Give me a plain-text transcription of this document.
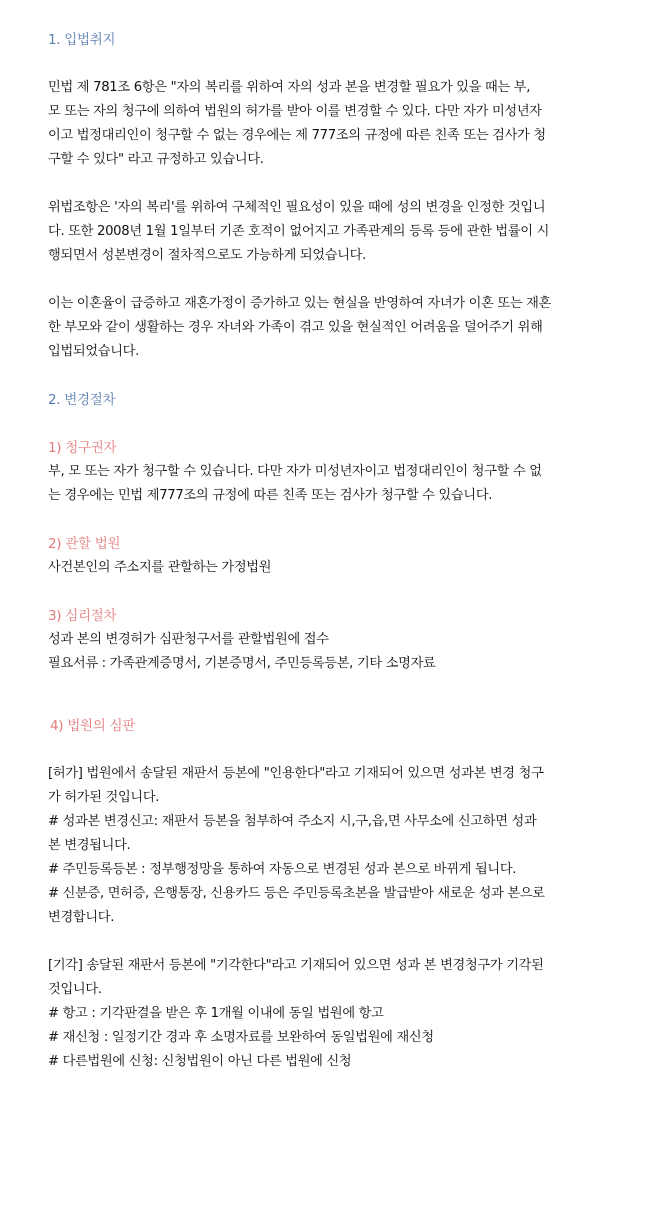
1. 입법취지
민법 제 781조 6항은 "자의 복리를 위하여 자의 성과 본을 변경할 필요가 있을 때는 부,
모 또는 자의 청구에 의하여 법원의 허가를 받아 이를 변경할 수 있다. 다만 자가 미성년자
이고 법정대리인이 청구할 수 없는 경우에는 제 777조의 규정에 따른 친족 또는 검사가 청
구할 수 있다" 라고 규정하고 있습니다.
위법조항은 '자의 복리'를 위하여 구체적인 필요성이 있을 때에 성의 변경을 인정한 것입니
다. 또한 2008년 1월 1일부터 기존 호적이 없어지고 가족관계의 등록 등에 관한 법률이 시
행되면서 성본변경이 절차적으로도 가능하게 되었습니다.
이는 이혼율이 급증하고 재혼가정이 증가하고 있는 현실을 반영하여 자녀가 이혼 또는 재혼
한 부모와 같이 생활하는 경우 자녀와 가족이 겪고 있을 현실적인 어려움을 덜어주기 위해
입법되었습니다.
2. 변경절차
1) 청구권자
부, 모 또는 자가 청구할 수 있습니다. 다만 자가 미성년자이고 법정대리인이 청구할 수 없
는 경우에는 민법 제777조의 규정에 따른 친족 또는 검사가 청구할 수 있습니다.
2) 관할 법원
사건본인의 주소지를 관할하는 가정법원
3) 심리절차
성과 본의 변경허가 심판청구서를 관할법원에 접수
필요서류 : 가족관계증명서, 기본증명서, 주민등록등본, 기타 소명자료
4) 법원의 심판
[허가] 법원에서 송달된 재판서 등본에 "인용한다"라고 기재되어 있으면 성과본 변경 청구
가 허가된 것입니다.
# 성과본 변경신고: 재판서 등본을 첨부하여 주소지 시,구,읍,면 사무소에 신고하면 성과
본 변경됩니다.
# 주민등록등본 : 정부행정망을 통하여 자동으로 변경된 성과 본으로 바뀌게 됩니다.
# 신분증, 면허증, 은행통장, 신용카드 등은 주민등록초본을 발급받아 새로운 성과 본으로
변경합니다.
[기각] 송달된 재판서 등본에 "기각한다"라고 기재되어 있으면 성과 본 변경청구가 기각된
것입니다.
# 항고 : 기각판결을 받은 후 1개월 이내에 동일 법원에 항고
# 재신청 : 일정기간 경과 후 소명자료를 보완하여 동일법원에 재신청
# 다른법원에 신청: 신청법원이 아닌 다른 법원에 신청
